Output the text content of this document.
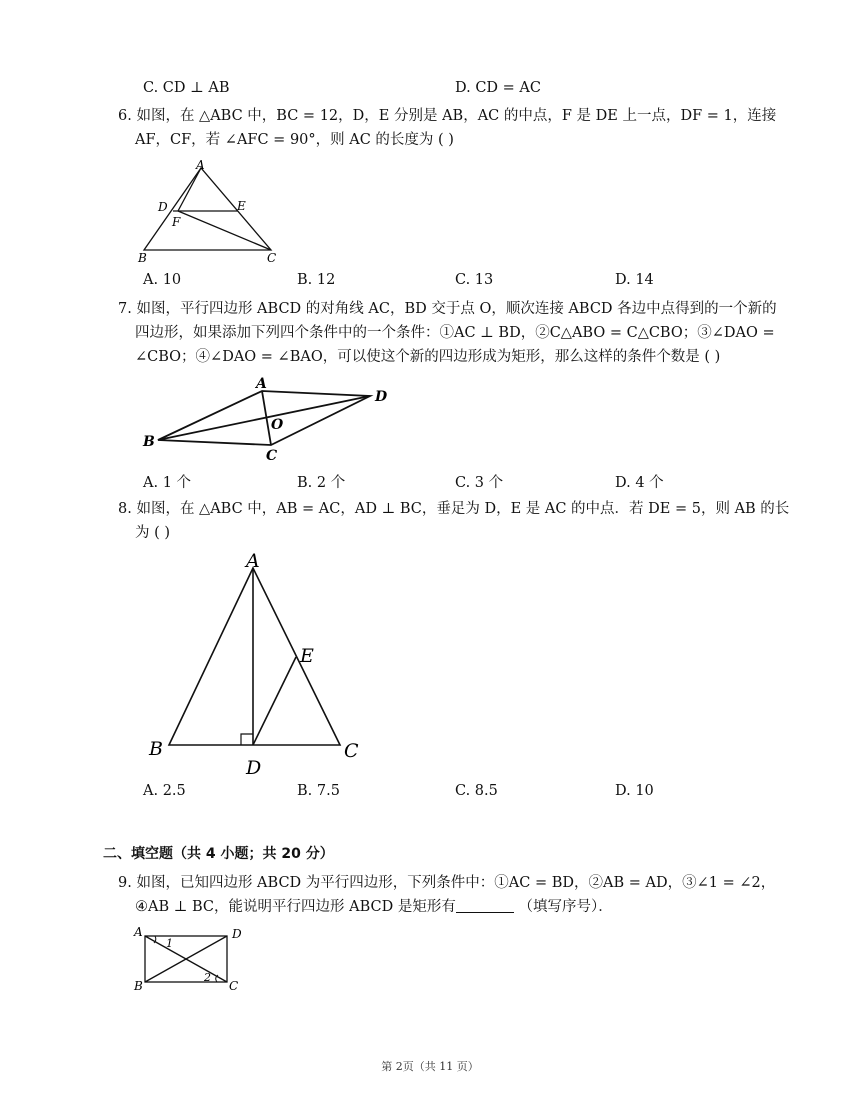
C. CD ⊥ AB	D. CD = AC
6. 如图，在 △ABC 中，BC = 12，D，E 分别是 AB，AC 的中点，F 是 DE 上一点，DF = 1，连接
AF，CF，若 ∠AFC = 90°，则 AC 的长度为 ( )
A
D	E
F
B	C
A. 10	B. 12	C. 13	D. 14
7. 如图，平行四边形 ABCD 的对角线 AC，BD 交于点 O，顺次连接 ABCD 各边中点得到的一个新的
四边形，如果添加下列四个条件中的一个条件：①AC ⊥ BD，②C△ABO = C△CBO；③∠DAO =
∠CBO；④∠DAO = ∠BAO，可以使这个新的四边形成为矩形，那么这样的条件个数是 ( )
A
D
O
B
C
A. 1 个	B. 2 个	C. 3 个	D. 4 个
8. 如图，在 △ABC 中，AB = AC，AD ⊥ BC，垂足为 D，E 是 AC 的中点．若 DE = 5，则 AB 的长
为 ( )
A
E
B	C
D
A. 2.5	B. 7.5	C. 8.5	D. 10
二、填空题（共 4 小题；共 20 分）
9. 如图，已知四边形 ABCD 为平行四边形，下列条件中：①AC = BD，②AB = AD，③∠1 = ∠2，
④AB ⊥ BC，能说明平行四边形 ABCD 是矩形有	（填写序号）．
A	D
B	C
1
2
第 2页（共 11 页）
